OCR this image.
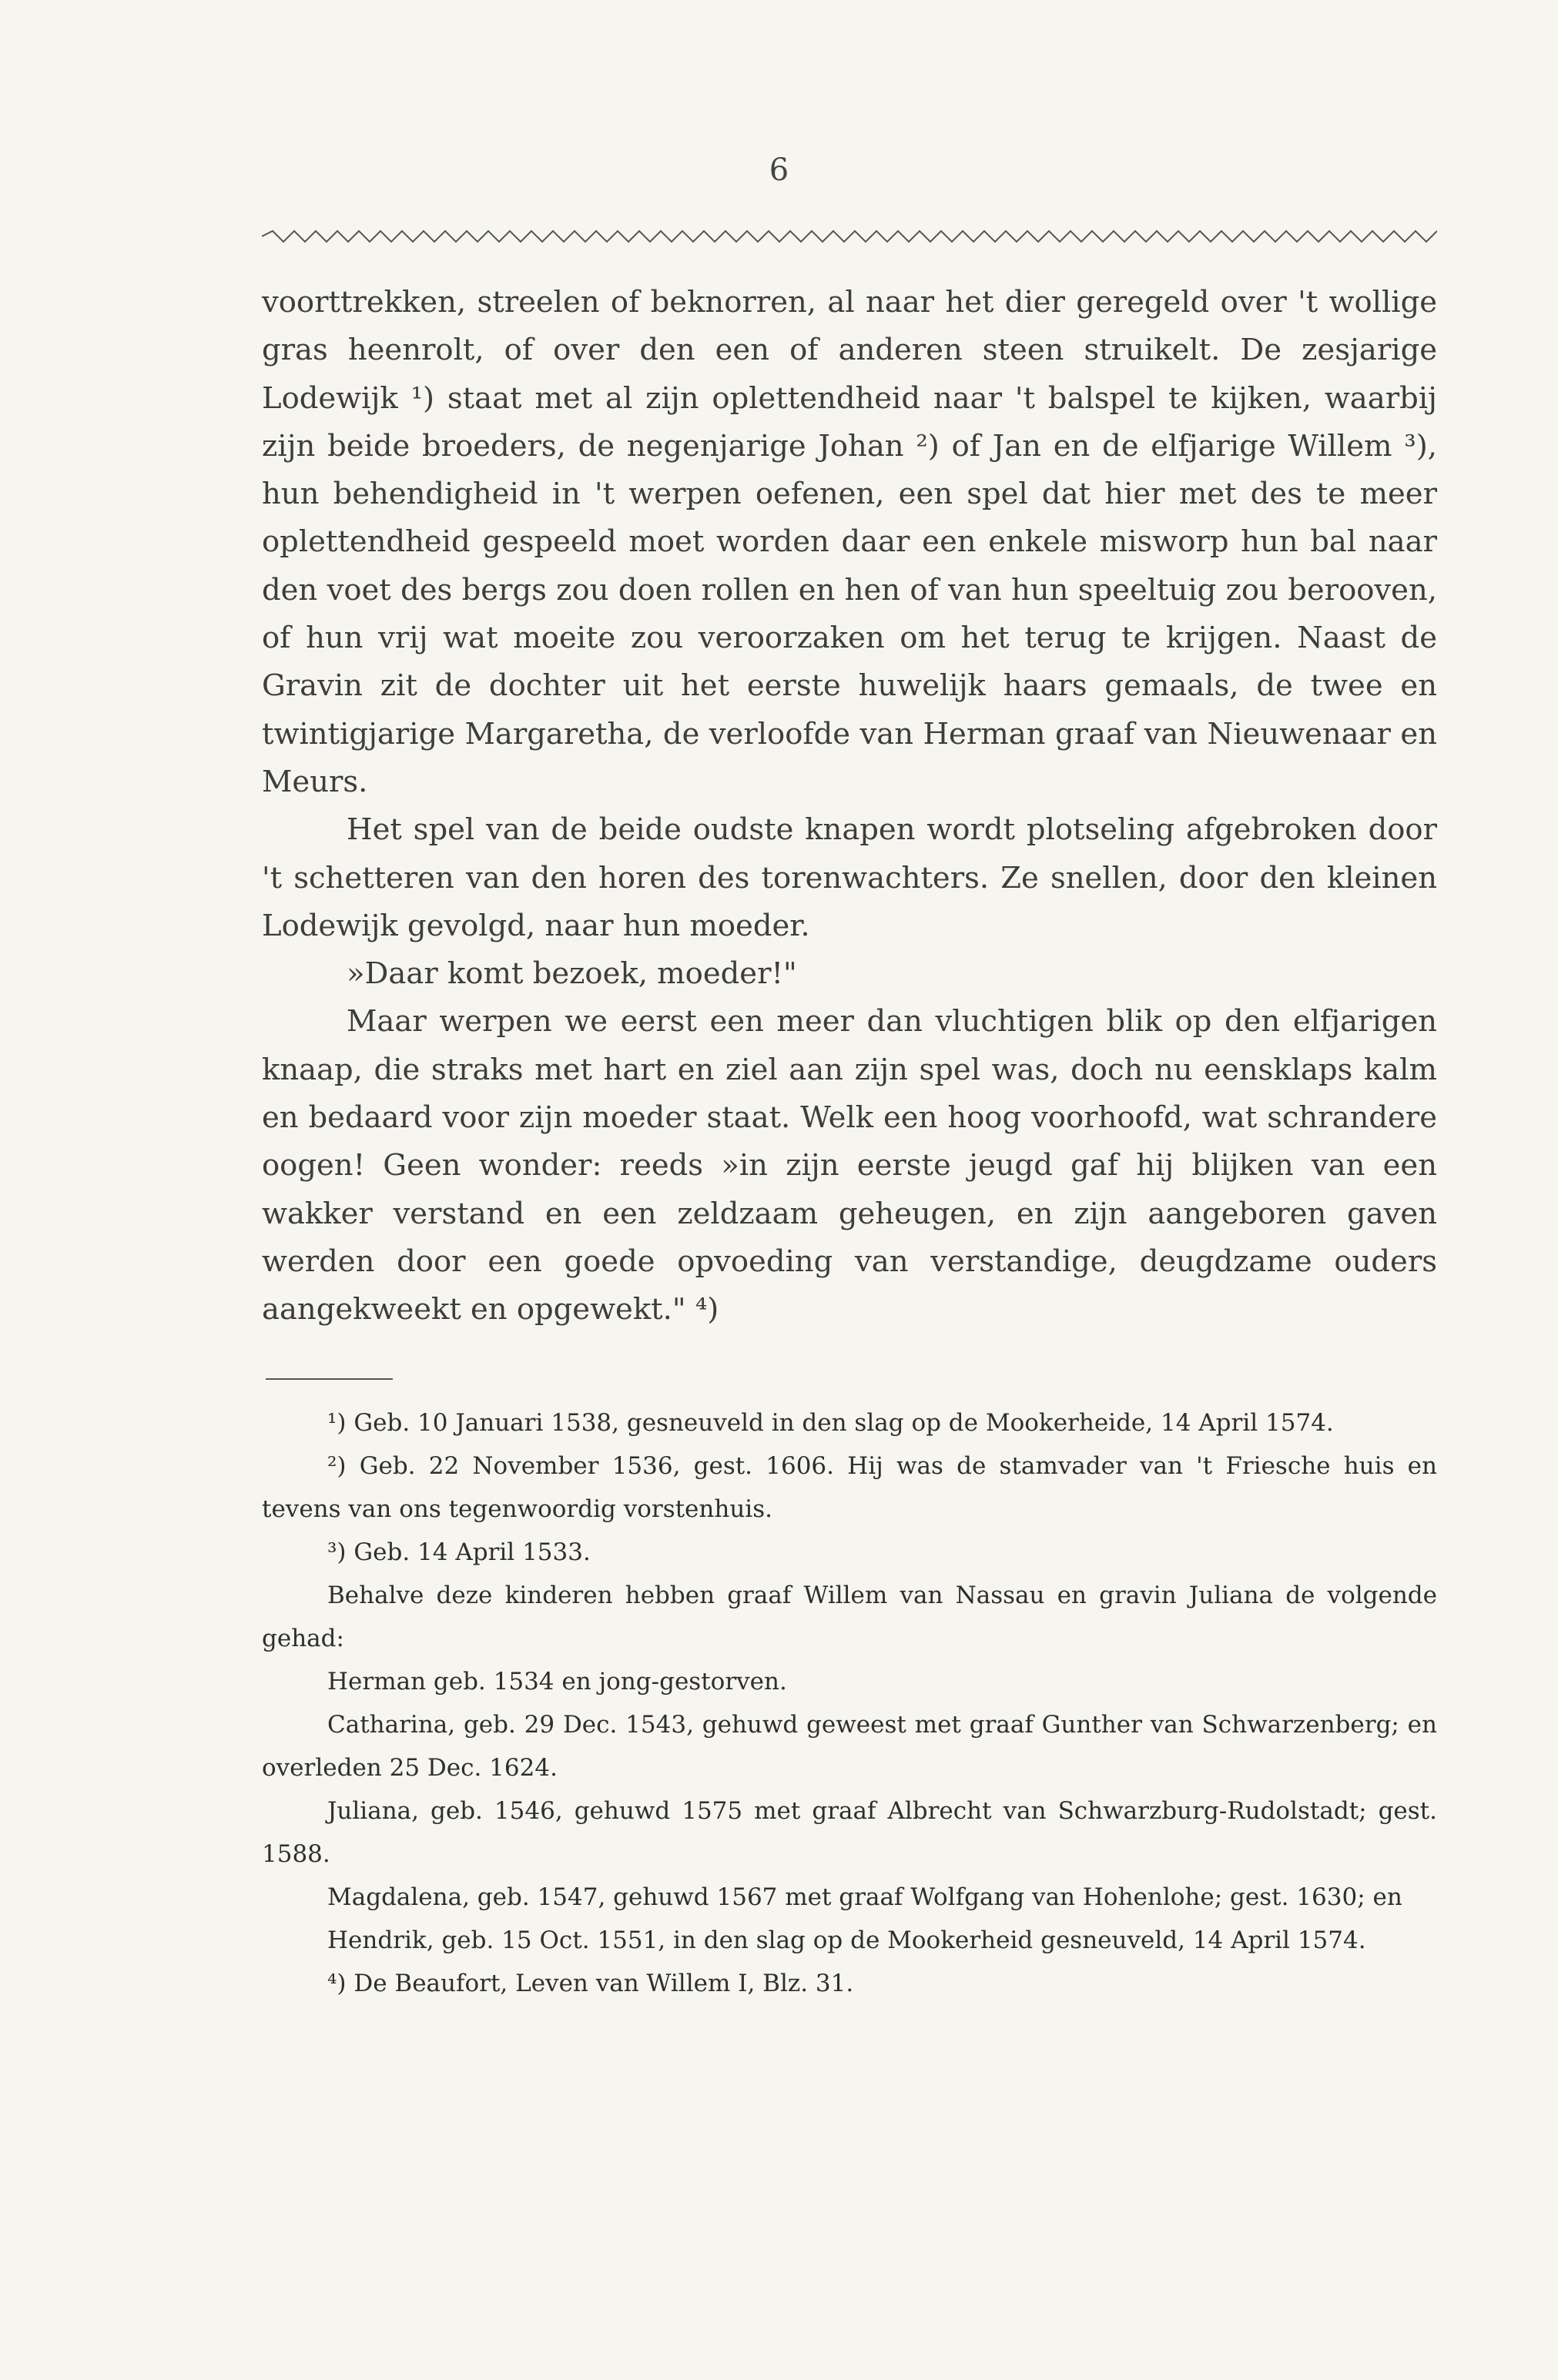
6

voorttrekken, streelen of beknorren, al naar het dier geregeld over 't wollige gras heenrolt, of over den een of anderen steen struikelt. De zesjarige Lodewijk ¹) staat met al zijn oplettendheid naar 't balspel te kijken, waarbij zijn beide broeders, de negenjarige Johan ²) of Jan en de elfjarige Willem ³), hun behendigheid in 't werpen oefenen, een spel dat hier met des te meer oplettendheid gespeeld moet worden daar een enkele misworp hun bal naar den voet des bergs zou doen rollen en hen of van hun speeltuig zou berooven, of hun vrij wat moeite zou veroorzaken om het terug te krijgen. Naast de Gravin zit de dochter uit het eerste huwelijk haars gemaals, de twee en twintigjarige Margaretha, de verloofde van Herman graaf van Nieuwenaar en Meurs.

Het spel van de beide oudste knapen wordt plotseling afgebroken door 't schetteren van den horen des torenwachters. Ze snellen, door den kleinen Lodewijk gevolgd, naar hun moeder.

»Daar komt bezoek, moeder!"

Maar werpen we eerst een meer dan vluchtigen blik op den elfjarigen knaap, die straks met hart en ziel aan zijn spel was, doch nu eensklaps kalm en bedaard voor zijn moeder staat. Welk een hoog voorhoofd, wat schrandere oogen! Geen wonder: reeds »in zijn eerste jeugd gaf hij blijken van een wakker verstand en een zeldzaam geheugen, en zijn aangeboren gaven werden door een goede opvoeding van verstandige, deugdzame ouders aangekweekt en opgewekt." ⁴)

¹) Geb. 10 Januari 1538, gesneuveld in den slag op de Mookerheide, 14 April 1574.

²) Geb. 22 November 1536, gest. 1606. Hij was de stamvader van 't Friesche huis en tevens van ons tegenwoordig vorstenhuis.

³) Geb. 14 April 1533.

Behalve deze kinderen hebben graaf Willem van Nassau en gravin Juliana de volgende gehad:

Herman geb. 1534 en jong-gestorven.

Catharina, geb. 29 Dec. 1543, gehuwd geweest met graaf Gunther van Schwarzenberg; en overleden 25 Dec. 1624.

Juliana, geb. 1546, gehuwd 1575 met graaf Albrecht van Schwarzburg-Rudolstadt; gest. 1588.

Magdalena, geb. 1547, gehuwd 1567 met graaf Wolfgang van Hohenlohe; gest. 1630; en

Hendrik, geb. 15 Oct. 1551, in den slag op de Mookerheid gesneuveld, 14 April 1574.

⁴) De Beaufort, Leven van Willem I, Blz. 31.
